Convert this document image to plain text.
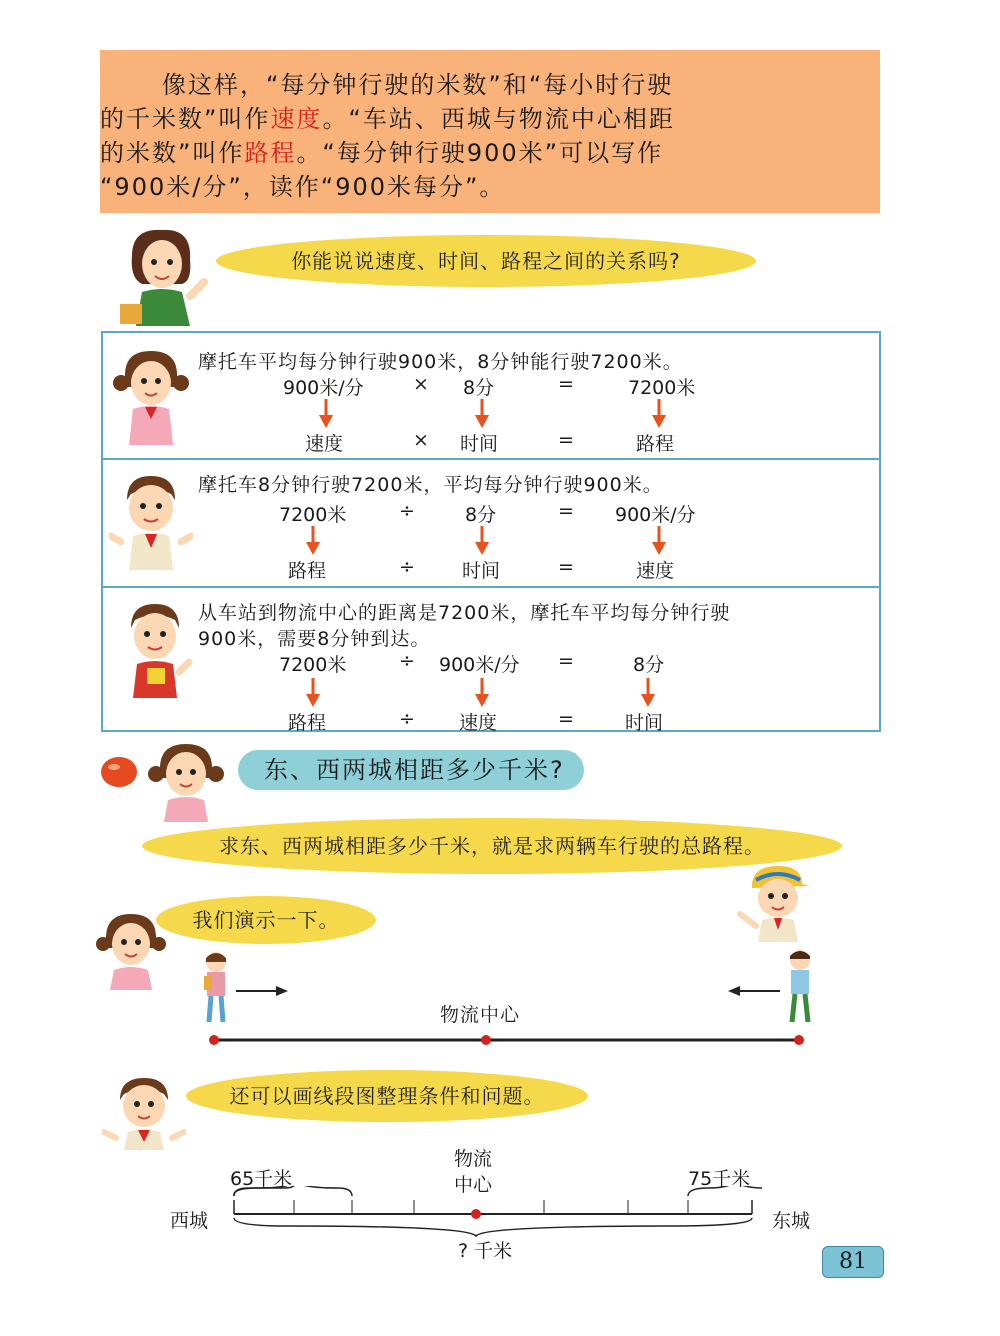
像这样，“每分钟行驶的米数”和“每小时行驶
的千米数”叫作速度。“车站、西城与物流中心相距
的米数”叫作路程。“每分钟行驶900米”可以写作
“900米/分”，读作“900米每分”。
你能说说速度、时间、路程之间的关系吗?
摩托车平均每分钟行驶900米，8分钟能行驶7200米。
900米/分	× 8分	=	7200米
速度	× 时间	=	路程
摩托车8分钟行驶7200米，平均每分钟行驶900米。
7200米	÷	8分	= 900米/分
路程	÷ 时间	=	速度
从车站到物流中心的距离是7200米，摩托车平均每分钟行驶
900米，需要8分钟到达。
7200米	÷ 900米/分 =	8分
路程	÷ 速度	=	时间
东、西两城相距多少千米?
求东、西两城相距多少千米，就是求两辆车行驶的总路程。
我们演示一下。
物流中心
还可以画线段图整理条件和问题。
物流
中心
65千米	75千米
西城	东城
? 千米	81
